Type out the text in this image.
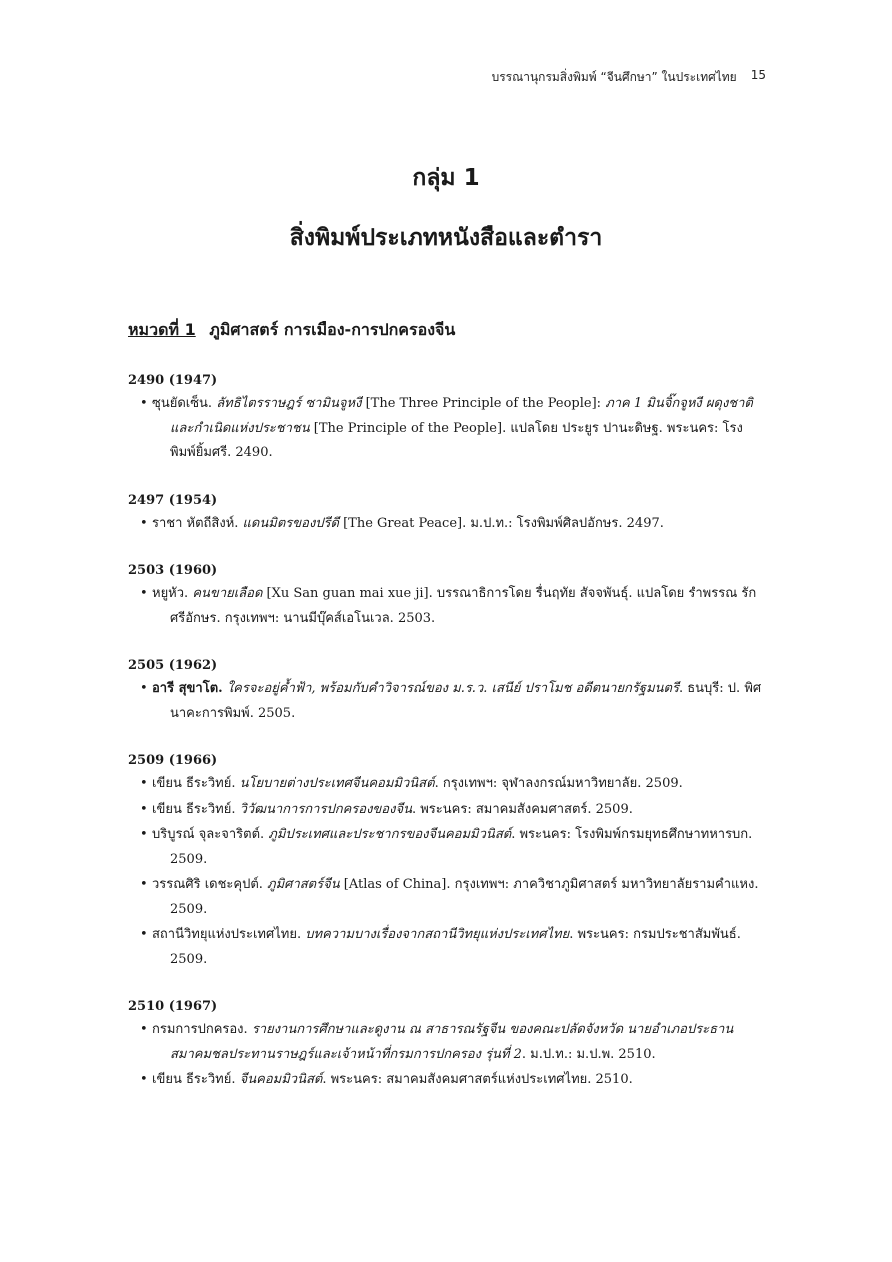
บรรณานุกรมสิ่งพิมพ์ “จีนศึกษา” ในประเทศไทย 15
กลุ่ม 1
สิ่งพิมพ์ประเภทหนังสือและตำรา
หมวดที่ 1 ภูมิศาสตร์ การเมือง-การปกครองจีน
2490 (1947)
• ซุนยัดเซ็น. ลัทธิไตรราษฎร์ ซามินจูหงี [The Three Principle of the People]: ภาค 1 มินจิ๊กจูหงี ผดุงชาติและกำเนิดแห่งประชาชน [The Principle of the People]. แปลโดย ประยูร ปานะดิษฐ. พระนคร: โรงพิมพ์ยิ้มศรี. 2490.
2497 (1954)
• ราชา หัตถีสิงห์. แดนมิตรของปรีดี [The Great Peace]. ม.ป.ท.: โรงพิมพ์ศิลปอักษร. 2497.
2503 (1960)
• หยูหัว. คนขายเลือด [Xu San guan mai xue ji]. บรรณาธิการโดย รื่นฤทัย สัจจพันธุ์. แปลโดย รำพรรณ รักศรีอักษร. กรุงเทพฯ: นานมีบุ๊คส์เอโนเวล. 2503.
2505 (1962)
• อารี สุขาโต. ใครจะอยู่ค้ำฟ้า, พร้อมกับคำวิจารณ์ของ ม.ร.ว. เสนีย์ ปราโมช อดีตนายกรัฐมนตรี. ธนบุรี: ป. พิศนาคะการพิมพ์. 2505.
2509 (1966)
• เขียน ธีระวิทย์. นโยบายต่างประเทศจีนคอมมิวนิสต์. กรุงเทพฯ: จุฬาลงกรณ์มหาวิทยาลัย. 2509.
• เขียน ธีระวิทย์. วิวัฒนาการการปกครองของจีน. พระนคร: สมาคมสังคมศาสตร์. 2509.
• บริบูรณ์ จุละจาริตต์. ภูมิประเทศและประชากรของจีนคอมมิวนิสต์. พระนคร: โรงพิมพ์กรมยุทธศึกษาทหารบก. 2509.
• วรรณศิริ เดชะคุปต์. ภูมิศาสตร์จีน [Atlas of China]. กรุงเทพฯ: ภาควิชาภูมิศาสตร์ มหาวิทยาลัยรามคำแหง. 2509.
• สถานีวิทยุแห่งประเทศไทย. บทความบางเรื่องจากสถานีวิทยุแห่งประเทศไทย. พระนคร: กรมประชาสัมพันธ์. 2509.
2510 (1967)
• กรมการปกครอง. รายงานการศึกษาและดูงาน ณ สาธารณรัฐจีน ของคณะปลัดจังหวัด นายอำเภอประธานสมาคมชลประทานราษฎร์และเจ้าหน้าที่กรมการปกครอง รุ่นที่ 2. ม.ป.ท.: ม.ป.พ. 2510.
• เขียน ธีระวิทย์. จีนคอมมิวนิสต์. พระนคร: สมาคมสังคมศาสตร์แห่งประเทศไทย. 2510.
